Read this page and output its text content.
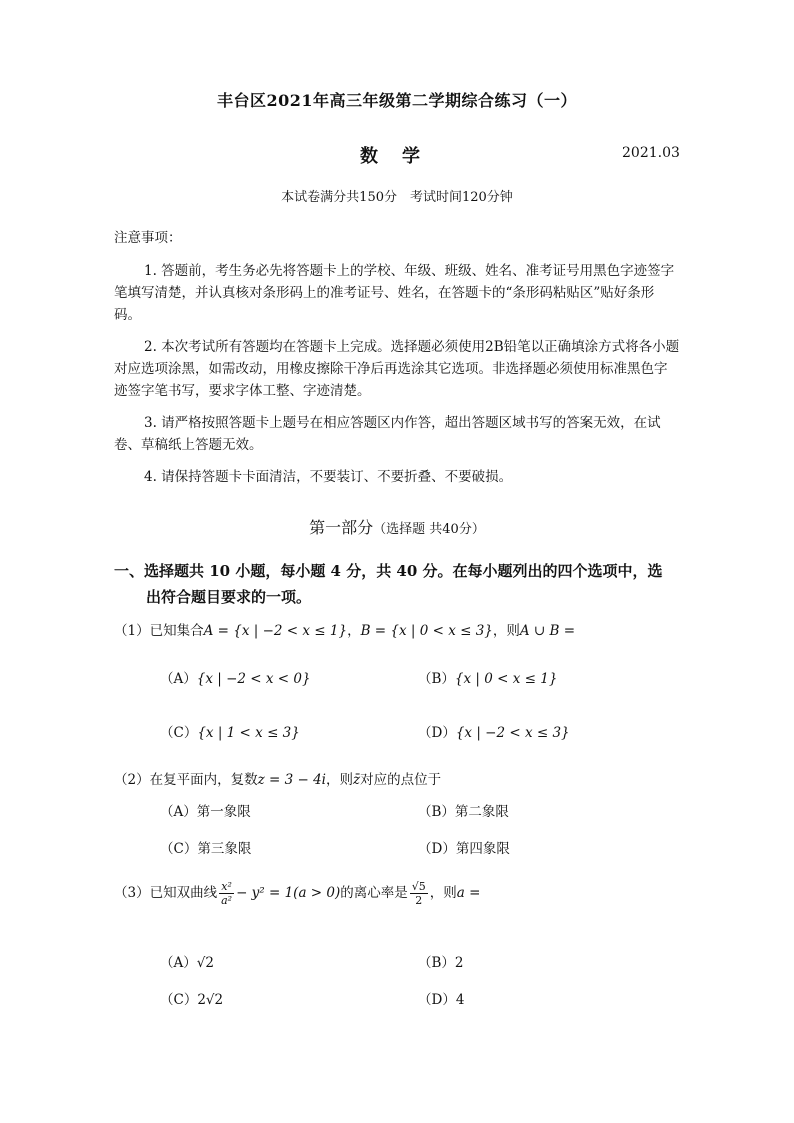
丰台区2021年高三年级第二学期综合练习（一）
数学	2021.03
本试卷满分共150分　考试时间120分钟
注意事项：
1. 答题前，考生务必先将答题卡上的学校、年级、班级、姓名、准考证号用黑色字迹签字笔填写清楚，并认真核对条形码上的准考证号、姓名，在答题卡的“条形码粘贴区”贴好条形码。
2. 本次考试所有答题均在答题卡上完成。选择题必须使用2B铅笔以正确填涂方式将各小题对应选项涂黑，如需改动，用橡皮擦除干净后再选涂其它选项。非选择题必须使用标准黑色字迹签字笔书写，要求字体工整、字迹清楚。
3. 请严格按照答题卡上题号在相应答题区内作答，超出答题区域书写的答案无效，在试卷、草稿纸上答题无效。
4. 请保持答题卡卡面清洁，不要装订、不要折叠、不要破损。
第一部分（选择题 共40分）
一、选择题共 10 小题，每小题 4 分，共 40 分。在每小题列出的四个选项中，选
出符合题目要求的一项。
（1）已知集合A = {x | −2 < x ≤ 1}，B = {x | 0 < x ≤ 3}，则A ∪ B =
（A）{x | −2 < x < 0}	（B）{x | 0 < x ≤ 1}
（C）{x | 1 < x ≤ 3}	（D）{x | −2 < x ≤ 3}
（2）在复平面内，复数z = 3 − 4i，则z̄对应的点位于
（A）第一象限	（B）第二象限
（C）第三象限	（D）第四象限
（3）已知双曲线 $\frac{\text{x²}}{\text{a²}} - y^2 = 1(a > 0)$的离心率是 $\frac{√5}{2}$ ，则a =
（A）√2	（B）2
（C）2√2	（D）4
